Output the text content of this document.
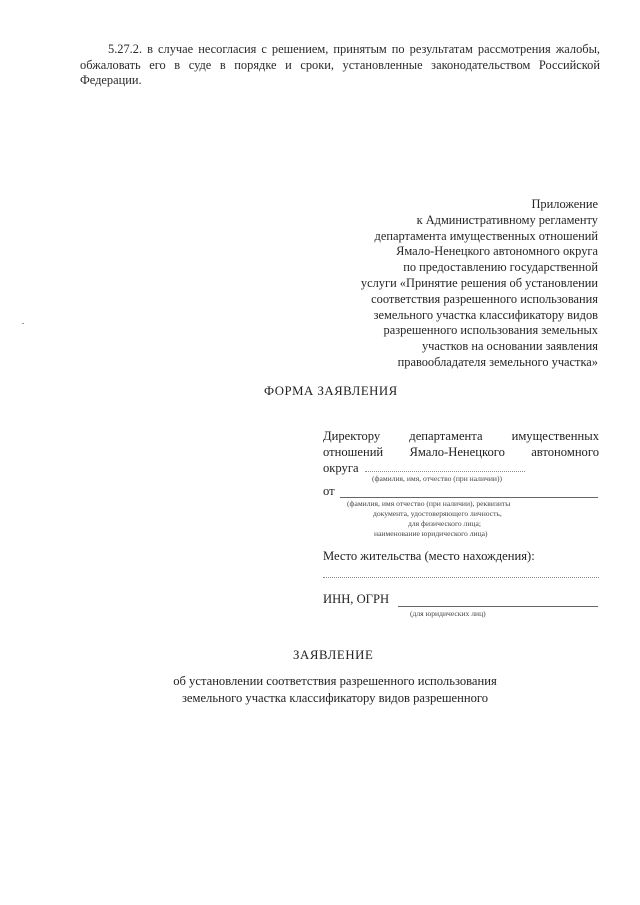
5.27.2. в случае несогласия с решением, принятым по результатам рассмотрения жалобы, обжаловать его в суде в порядке и сроки, установленные законодательством Российской Федерации.
Приложение
к Административному регламенту
департамента имущественных отношений
Ямало-Ненецкого автономного округа
по предоставлению государственной
услуги «Принятие решения об установлении
соответствия разрешенного использования
земельного участка классификатору видов
разрешенного использования земельных
участков на основании заявления
правообладателя земельного участка»
ФОРМА ЗАЯВЛЕНИЯ
Директору департамента имущественных
отношений Ямало-Ненецкого автономного
округа
(фамилия, имя, отчество (при наличии))
от
(фамилия, имя отчество (при наличии), реквизиты
документа, удостоверяющего личность,
для физического лица;
наименование юридического лица)
Место жительства (место нахождения):
ИНН, ОГРН
(для юридических лиц)
ЗАЯВЛЕНИЕ
об установлении соответствия разрешенного использования
земельного участка классификатору видов разрешенного
